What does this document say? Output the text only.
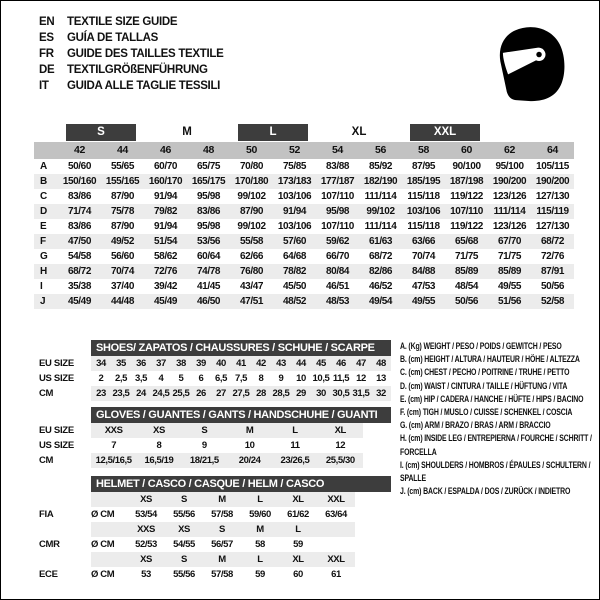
EN	TEXTILE SIZE GUIDE
ES	GUÍA DE TALLAS
FR	GUIDE DES TAILLES TEXTILE
DE	TEXTILGRÖßENFÜHRUNG
IT	GUIDA ALLE TAGLIE TESSILI

	S		M		L		XL		XXL			

	42	44	46	48	50	52	54	56	58	60	62	64
A	50/60	55/65	60/70	65/75	70/80	75/85	83/88	85/92	87/95	90/100	95/100	105/115
B	150/160	155/165	160/170	165/175	170/180	173/183	177/187	182/190	185/195	187/198	190/200	190/200
C	83/86	87/90	91/94	95/98	99/102	103/106	107/110	111/114	115/118	119/122	123/126	127/130
D	71/74	75/78	79/82	83/86	87/90	91/94	95/98	99/102	103/106	107/110	111/114	115/119
E	83/86	87/90	91/94	95/98	99/102	103/106	107/110	111/114	115/118	119/122	123/126	127/130
F	47/50	49/52	51/54	53/56	55/58	57/60	59/62	61/63	63/66	65/68	67/70	68/72
G	54/58	56/60	58/62	60/64	62/66	64/68	66/70	68/72	70/74	71/75	71/75	72/76
H	68/72	70/74	72/76	74/78	76/80	78/82	80/84	82/86	84/88	85/89	85/89	87/91
I	35/38	37/40	39/42	41/45	43/47	45/50	46/51	46/52	47/53	48/54	49/55	50/56
J	45/49	44/48	45/49	46/50	47/51	48/52	48/53	49/54	49/55	50/56	51/56	52/58
SHOES/ ZAPATOS / CHAUSSURES / SCHUHE / SCARPE
EU SIZE	34	35	36	37	38	39	40	41	42	43	44	45	46	47	48
US SIZE	2	2,5 3,5	4	5	6	6,5 7,5	8	9	10 10,5 11,5 12	13
CM	23 23,5 24 24,5 25,5 26	27 27,5 28 28,5 29	30 30,5 31,5 32
GLOVES / GUANTES / GANTS / HANDSCHUHE / GUANTI
EU SIZE	XXS	XS	S	M	L	XL
US SIZE	7	8	9	10	11	12
CM	12,5/16,5	16,5/19	18/21,5	20/24	23/26,5	25,5/30
HELMET / CASCO / CASQUE / HELM / CASCO
XS	S	M	L	XL	XXL
FIA	Ø CM	53/54	55/56	57/58	59/60	61/62	63/64
XXS	XS	S	M	L
CMR	Ø CM	52/53	54/55	56/57	58	59
XS	S	M	L	XL	XXL
ECE	Ø CM	53	55/56	57/58	59	60	61
A. (Kg) WEIGHT / PESO / POIDS / GEWITCH / PESO
B. (cm) HEIGHT / ALTURA / HAUTEUR / HÖHE / ALTEZZA
C. (cm) CHEST / PECHO / POITRINE / TRUHE / PETTO
D. (cm) WAIST / CINTURA / TAILLE / HÜFTUNG / VITA
E. (cm) HIP / CADERA / HANCHE / HÜFTE / HIPS / BACINO
F. (cm) TIGH / MUSLO / CUISSE / SCHENKEL / COSCIA
G. (cm) ARM / BRAZO / BRAS / ARM / BRACCIO
H. (cm) INSIDE LEG / ENTREPIERNA / FOURCHE / SCHRITT / FORCELLA
I. (cm) SHOULDERS / HOMBROS / ÉPAULES / SCHULTERN / SPALLE
J. (cm) BACK / ESPALDA / DOS / ZURÜCK / INDIETRO
